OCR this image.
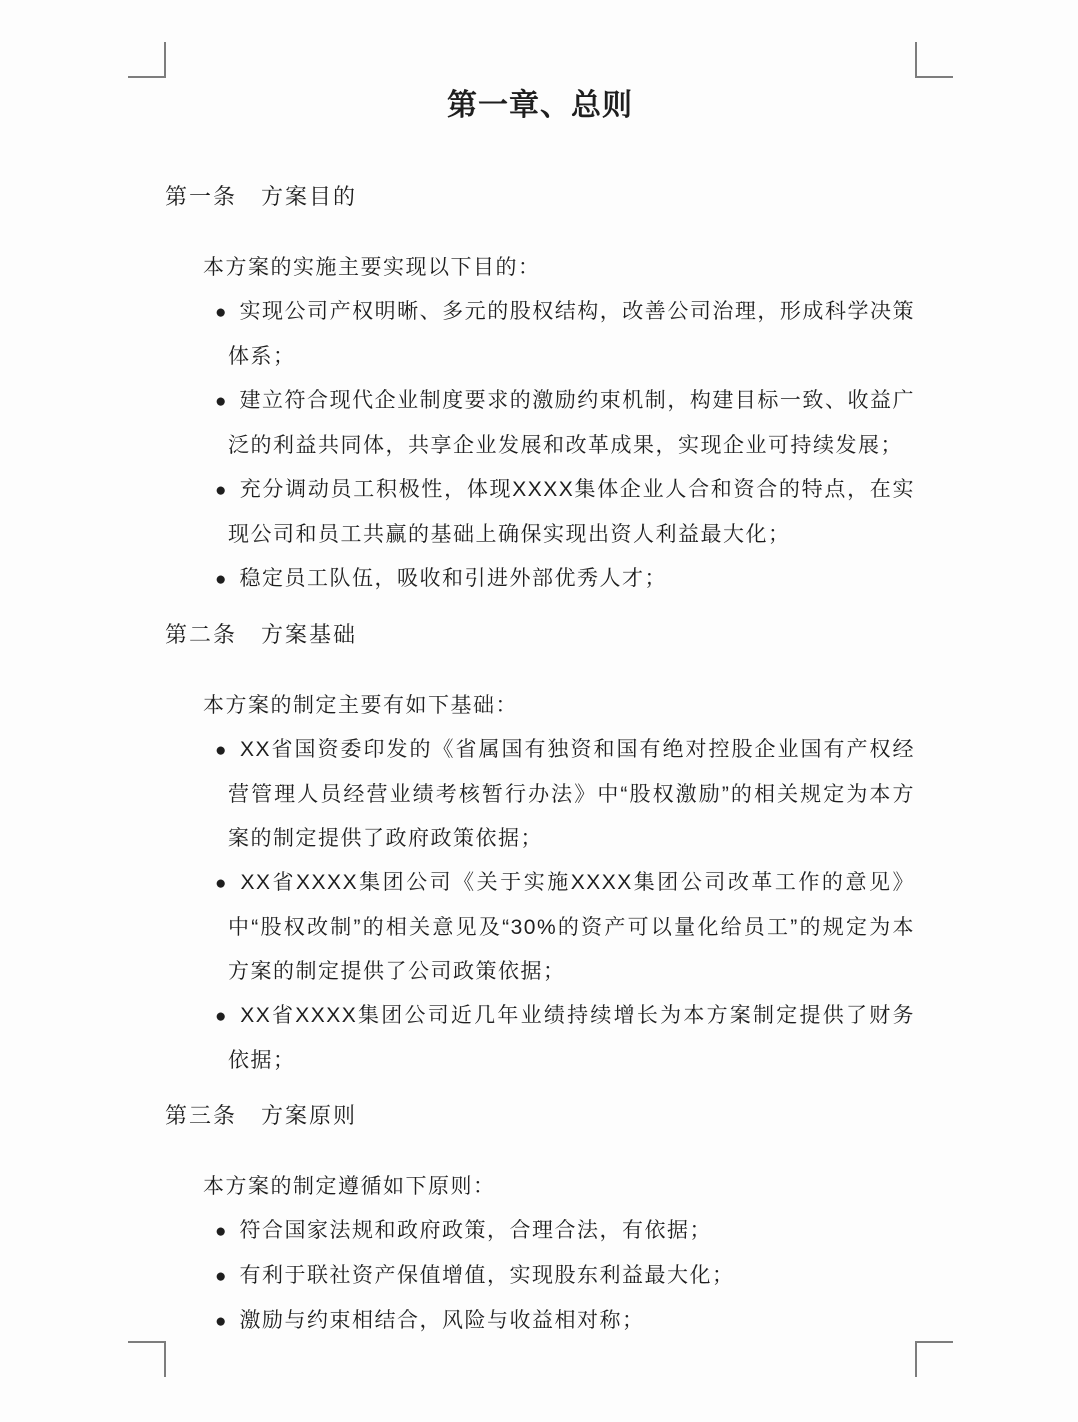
第一章、总则
第一条　方案目的

本方案的实施主要实现以下目的：

● 实现公司产权明晰、多元的股权结构，改善公司治理，形成科学决策体系；
● 建立符合现代企业制度要求的激励约束机制，构建目标一致、收益广泛的利益共同体，共享企业发展和改革成果，实现企业可持续发展；
● 充分调动员工积极性，体现XXXX集体企业人合和资合的特点，在实现公司和员工共赢的基础上确保实现出资人利益最大化；
● 稳定员工队伍，吸收和引进外部优秀人才；
第二条　方案基础

本方案的制定主要有如下基础：

● XX省国资委印发的《省属国有独资和国有绝对控股企业国有产权经营管理人员经营业绩考核暂行办法》中“股权激励”的相关规定为本方案的制定提供了政府政策依据；
● XX省XXXX集团公司《关于实施XXXX集团公司改革工作的意见》中“股权改制”的相关意见及“30%的资产可以量化给员工”的规定为本方案的制定提供了公司政策依据；
● XX省XXXX集团公司近几年业绩持续增长为本方案制定提供了财务依据；
第三条　方案原则

本方案的制定遵循如下原则：

● 符合国家法规和政府政策，合理合法，有依据；
● 有利于联社资产保值增值，实现股东利益最大化；
● 激励与约束相结合，风险与收益相对称；
